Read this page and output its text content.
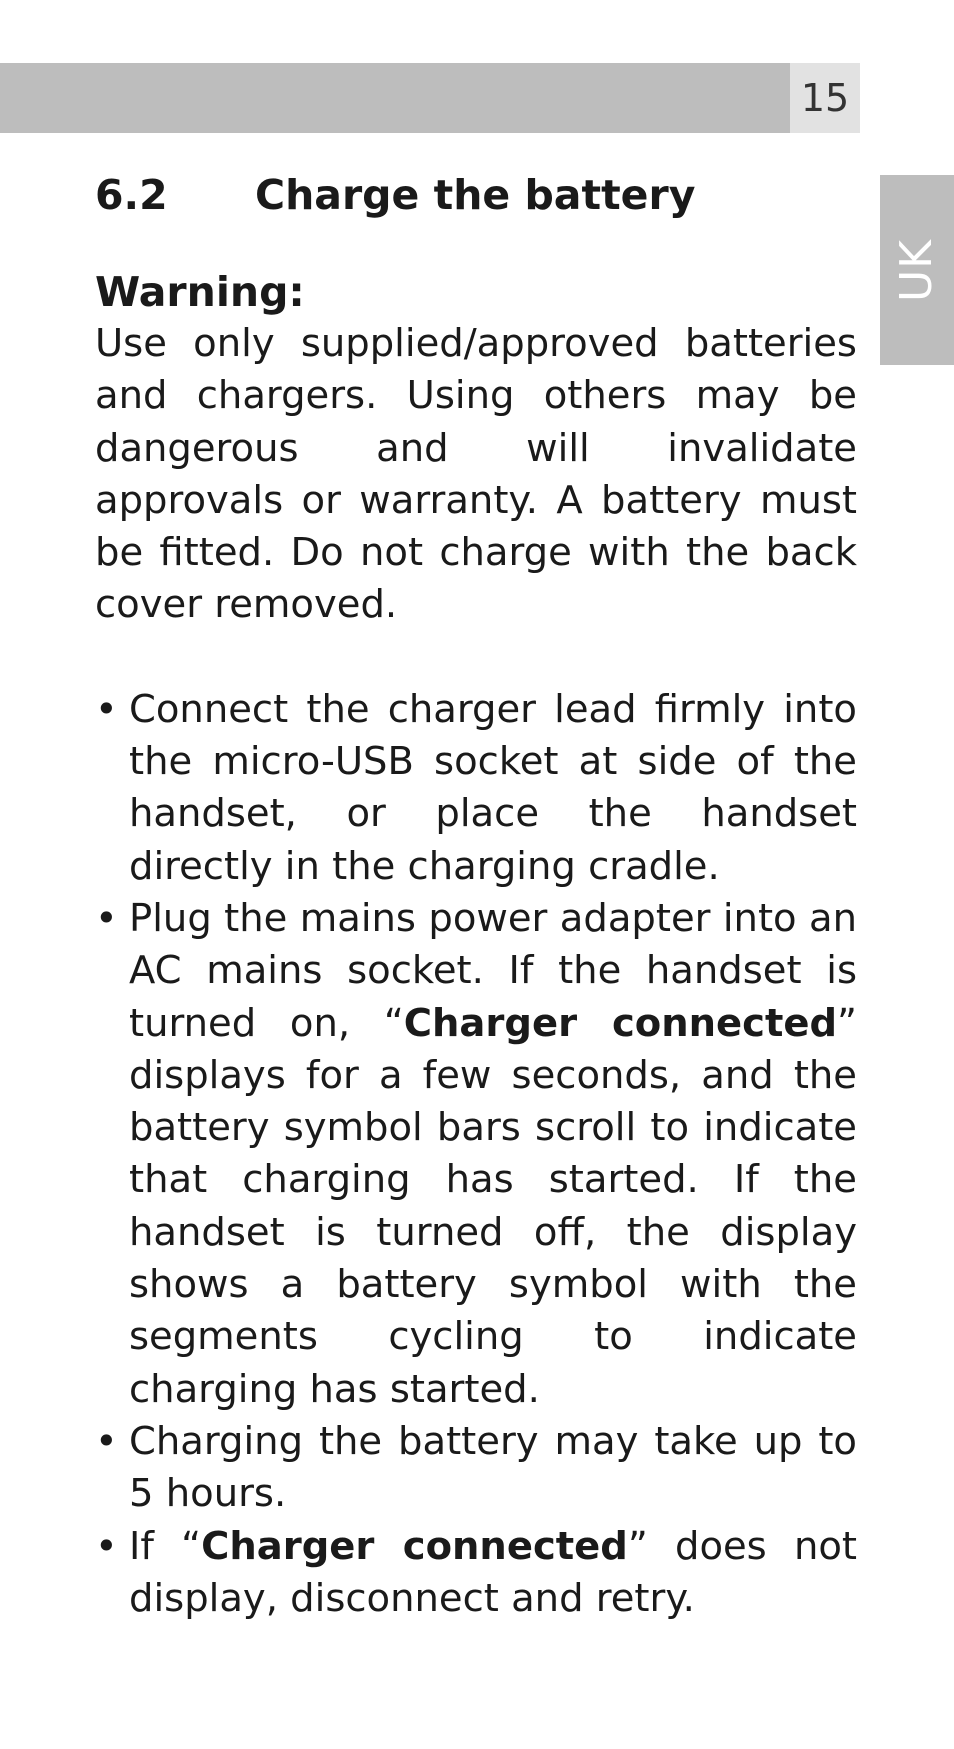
15
UK
6.2	Charge the battery

Warning:

Use only supplied/approved batteries and chargers. Using others may be dangerous and will invalidate approvals or warranty. A battery must be fitted. Do not charge with the back cover removed.

• Connect the charger lead firmly into the micro-USB socket at side of the handset, or place the handset directly in the charging cradle.
• Plug the mains power adapter into an AC mains socket. If the handset is turned on, “Charger connected” displays for a few seconds, and the battery symbol bars scroll to indicate that charging has started. If the handset is turned off, the display shows a battery symbol with the segments cycling to indicate charging has started.
• Charging the battery may take up to 5 hours.
• If “Charger connected” does not display, disconnect and retry.
